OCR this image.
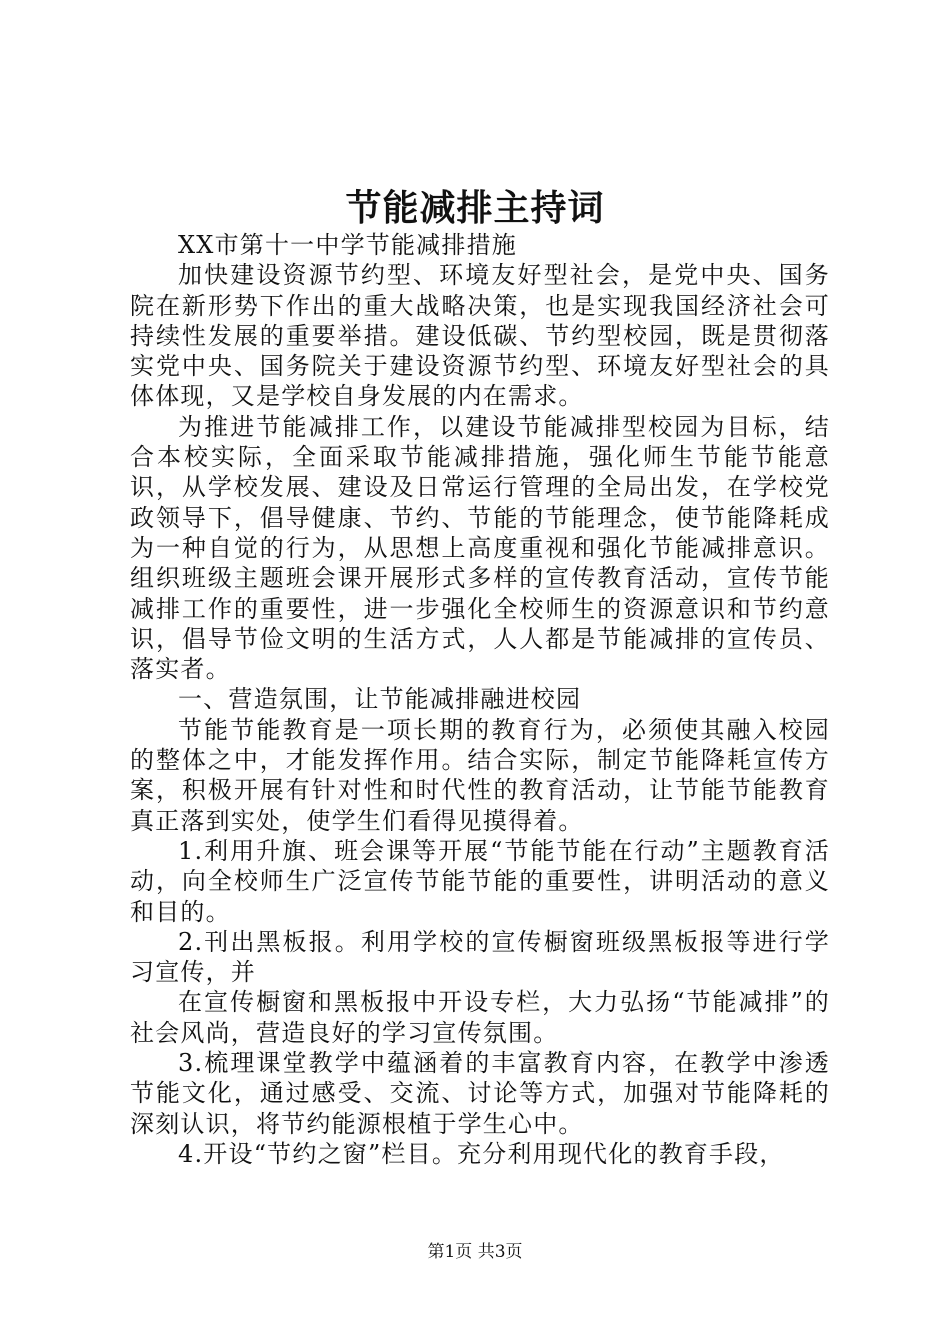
节能减排主持词

XX市第十一中学节能减排措施

加快建设资源节约型、环境友好型社会，是党中央、国务院在新形势下作出的重大战略决策，也是实现我国经济社会可持续性发展的重要举措。建设低碳、节约型校园，既是贯彻落实党中央、国务院关于建设资源节约型、环境友好型社会的具体体现，又是学校自身发展的内在需求。

为推进节能减排工作，以建设节能减排型校园为目标，结合本校实际，全面采取节能减排措施，强化师生节能节能意识，从学校发展、建设及日常运行管理的全局出发，在学校党政领导下，倡导健康、节约、节能的节能理念，使节能降耗成为一种自觉的行为，从思想上高度重视和强化节能减排意识。组织班级主题班会课开展形式多样的宣传教育活动，宣传节能减排工作的重要性，进一步强化全校师生的资源意识和节约意识，倡导节俭文明的生活方式，人人都是节能减排的宣传员、落实者。

一、营造氛围，让节能减排融进校园

节能节能教育是一项长期的教育行为，必须使其融入校园的整体之中，才能发挥作用。结合实际，制定节能降耗宣传方案，积极开展有针对性和时代性的教育活动，让节能节能教育真正落到实处，使学生们看得见摸得着。

1.利用升旗、班会课等开展“节能节能在行动”主题教育活动，向全校师生广泛宣传节能节能的重要性，讲明活动的意义和目的。

2.刊出黑板报。利用学校的宣传橱窗班级黑板报等进行学习宣传，并

在宣传橱窗和黑板报中开设专栏，大力弘扬“节能减排”的社会风尚，营造良好的学习宣传氛围。

3.梳理课堂教学中蕴涵着的丰富教育内容，在教学中渗透节能文化，通过感受、交流、讨论等方式，加强对节能降耗的深刻认识，将节约能源根植于学生心中。

4.开设“节约之窗”栏目。充分利用现代化的教育手段，

第1页 共3页
